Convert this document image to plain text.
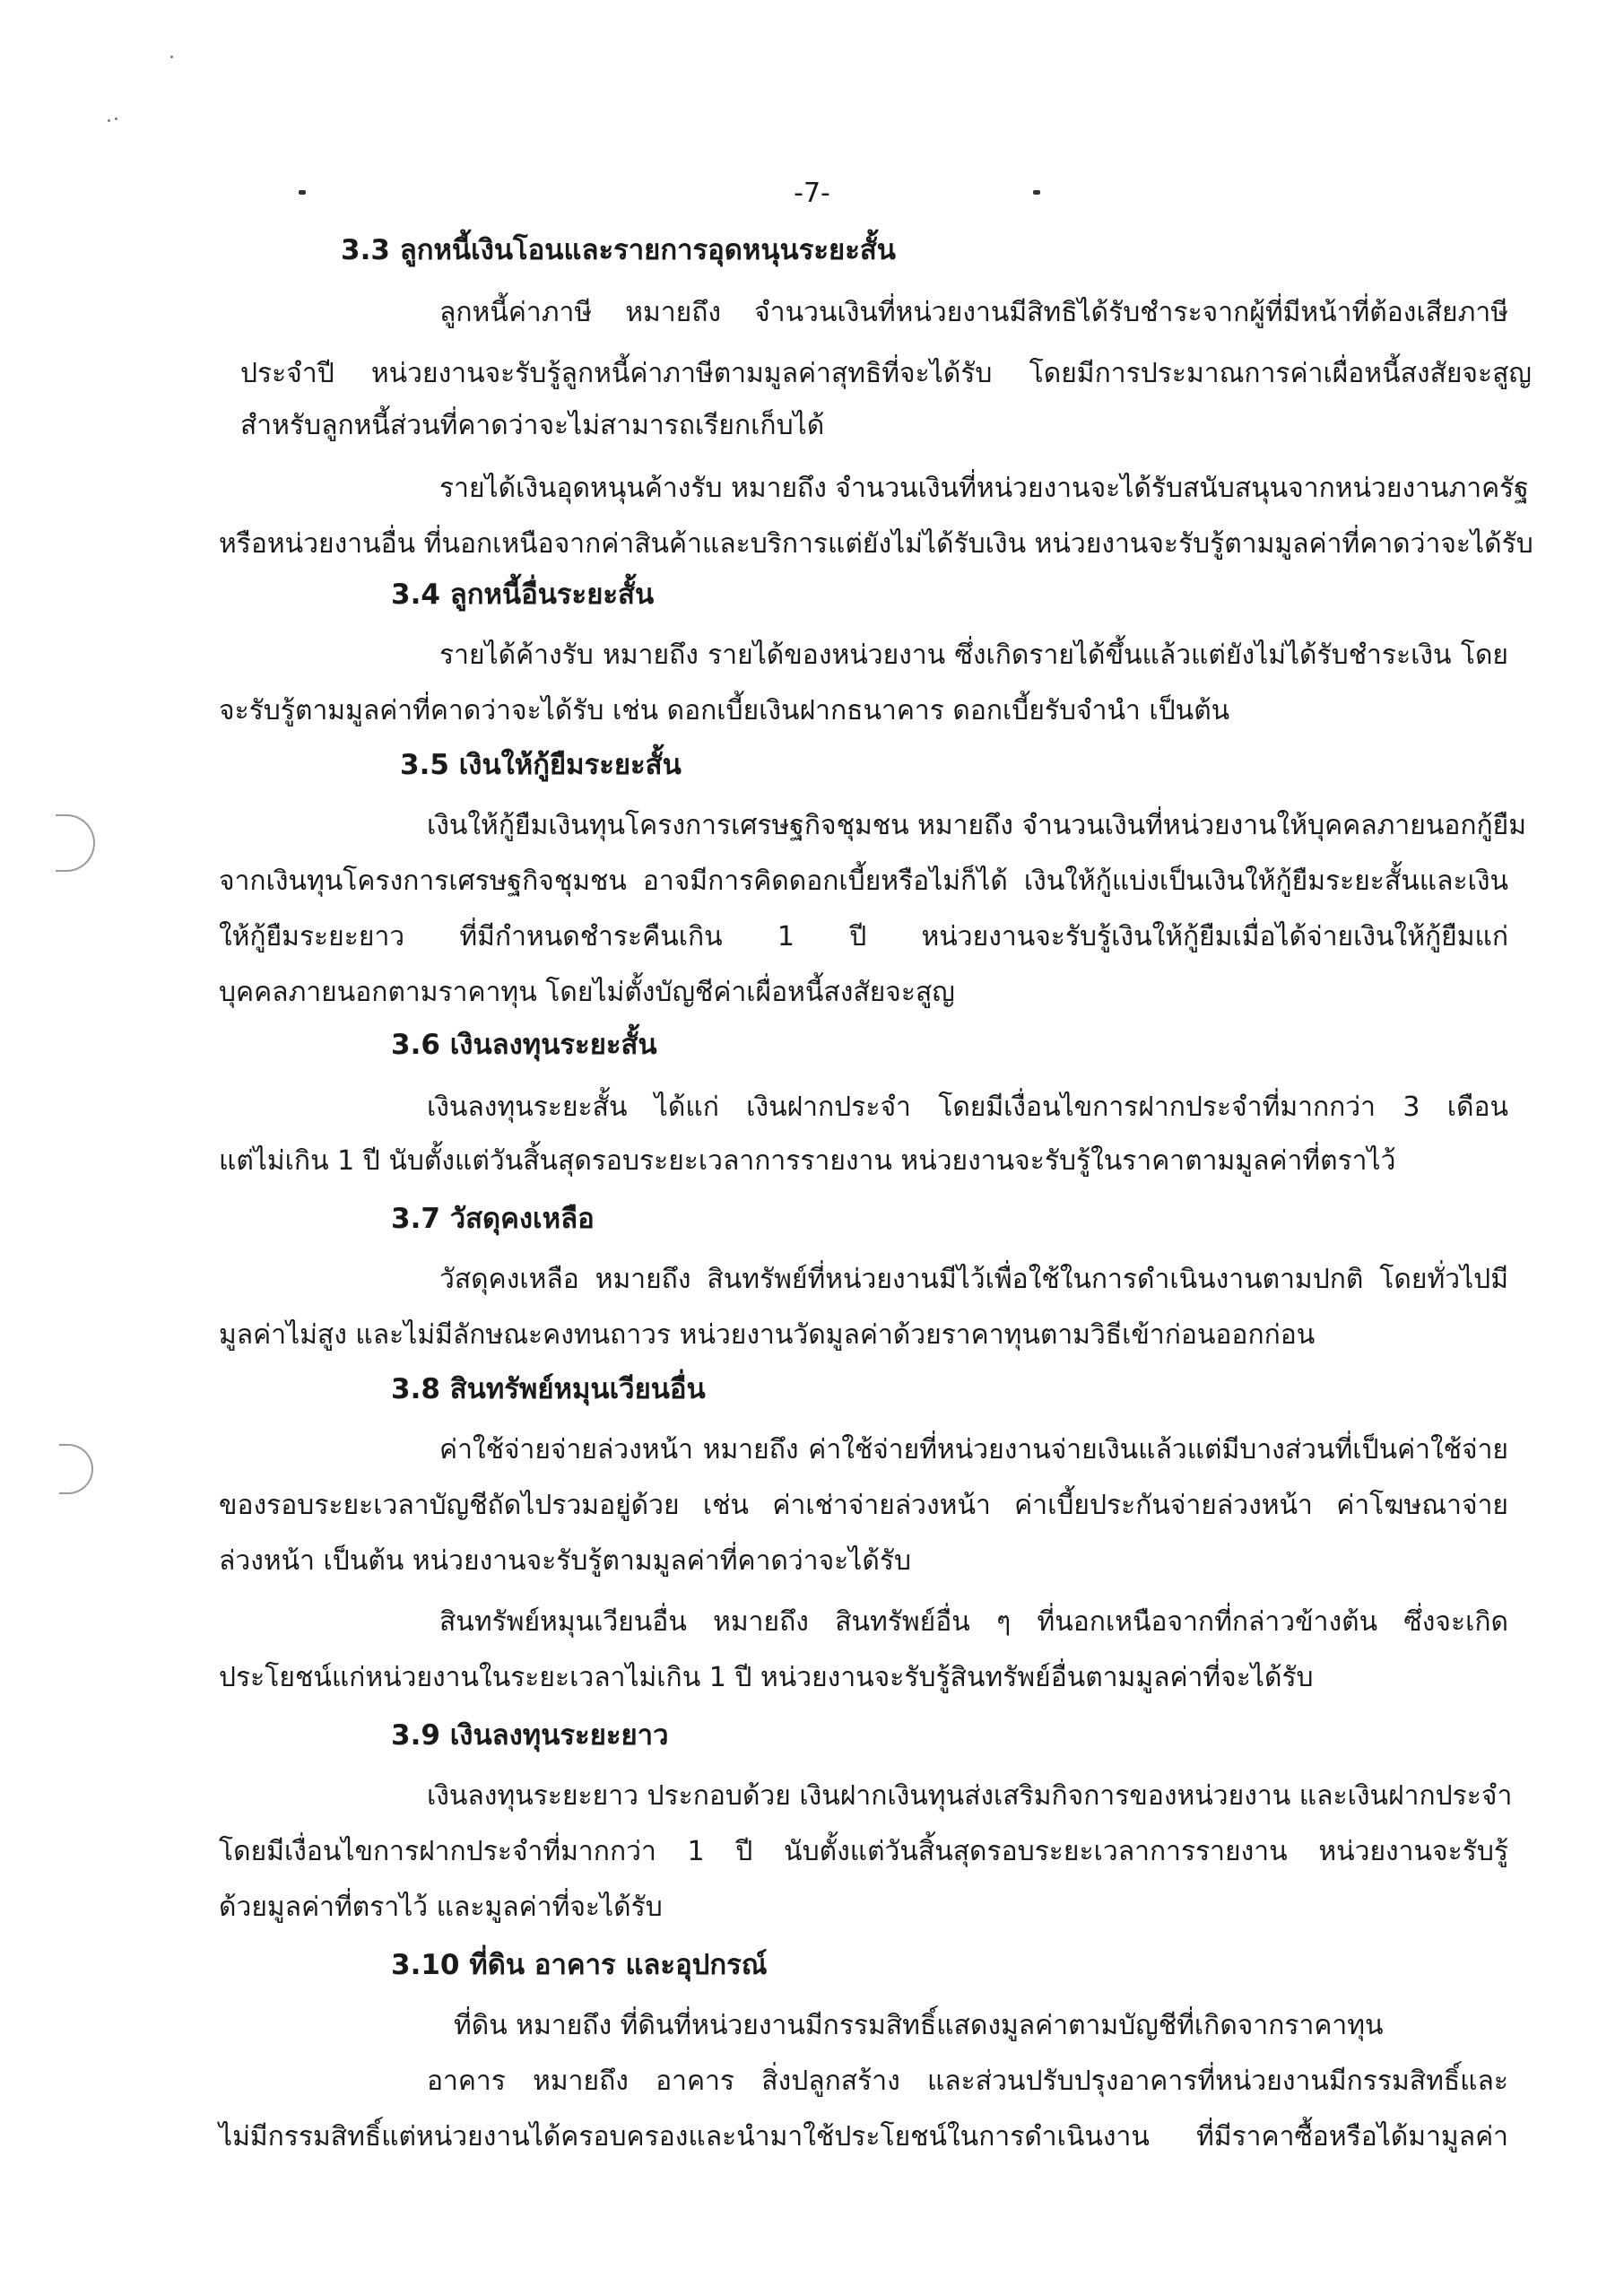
-7-

3.3 ลูกหนี้เงินโอนและรายการอุดหนุนระยะสั้น

ลูกหนี้ค่าภาษี หมายถึง จำนวนเงินที่หน่วยงานมีสิทธิได้รับชำระจากผู้ที่มีหน้าที่ต้องเสียภาษี

ประจำปี หน่วยงานจะรับรู้ลูกหนี้ค่าภาษีตามมูลค่าสุทธิที่จะได้รับ โดยมีการประมาณการค่าเผื่อหนี้สงสัยจะสูญ

สำหรับลูกหนี้ส่วนที่คาดว่าจะไม่สามารถเรียกเก็บได้

รายได้เงินอุดหนุนค้างรับ หมายถึง จำนวนเงินที่หน่วยงานจะได้รับสนับสนุนจากหน่วยงานภาครัฐ

หรือหน่วยงานอื่น ที่นอกเหนือจากค่าสินค้าและบริการแต่ยังไม่ได้รับเงิน หน่วยงานจะรับรู้ตามมูลค่าที่คาดว่าจะได้รับ

3.4 ลูกหนี้อื่นระยะสั้น

รายได้ค้างรับ หมายถึง รายได้ของหน่วยงาน ซึ่งเกิดรายได้ขึ้นแล้วแต่ยังไม่ได้รับชำระเงิน โดย

จะรับรู้ตามมูลค่าที่คาดว่าจะได้รับ เช่น ดอกเบี้ยเงินฝากธนาคาร ดอกเบี้ยรับจำนำ เป็นต้น

3.5 เงินให้กู้ยืมระยะสั้น

เงินให้กู้ยืมเงินทุนโครงการเศรษฐกิจชุมชน หมายถึง จำนวนเงินที่หน่วยงานให้บุคคลภายนอกกู้ยืม

จากเงินทุนโครงการเศรษฐกิจชุมชน อาจมีการคิดดอกเบี้ยหรือไม่ก็ได้ เงินให้กู้แบ่งเป็นเงินให้กู้ยืมระยะสั้นและเงิน

ให้กู้ยืมระยะยาว ที่มีกำหนดชำระคืนเกิน 1 ปี หน่วยงานจะรับรู้เงินให้กู้ยืมเมื่อได้จ่ายเงินให้กู้ยืมแก่

บุคคลภายนอกตามราคาทุน โดยไม่ตั้งบัญชีค่าเผื่อหนี้สงสัยจะสูญ

3.6 เงินลงทุนระยะสั้น

เงินลงทุนระยะสั้น ได้แก่ เงินฝากประจำ โดยมีเงื่อนไขการฝากประจำที่มากกว่า 3 เดือน

แต่ไม่เกิน 1 ปี นับตั้งแต่วันสิ้นสุดรอบระยะเวลาการรายงาน หน่วยงานจะรับรู้ในราคาตามมูลค่าที่ตราไว้

3.7 วัสดุคงเหลือ

วัสดุคงเหลือ หมายถึง สินทรัพย์ที่หน่วยงานมีไว้เพื่อใช้ในการดำเนินงานตามปกติ โดยทั่วไปมี

มูลค่าไม่สูง และไม่มีลักษณะคงทนถาวร หน่วยงานวัดมูลค่าด้วยราคาทุนตามวิธีเข้าก่อนออกก่อน

3.8 สินทรัพย์หมุนเวียนอื่น

ค่าใช้จ่ายจ่ายล่วงหน้า หมายถึง ค่าใช้จ่ายที่หน่วยงานจ่ายเงินแล้วแต่มีบางส่วนที่เป็นค่าใช้จ่าย

ของรอบระยะเวลาบัญชีถัดไปรวมอยู่ด้วย เช่น ค่าเช่าจ่ายล่วงหน้า ค่าเบี้ยประกันจ่ายล่วงหน้า ค่าโฆษณาจ่าย

ล่วงหน้า เป็นต้น หน่วยงานจะรับรู้ตามมูลค่าที่คาดว่าจะได้รับ

สินทรัพย์หมุนเวียนอื่น หมายถึง สินทรัพย์อื่น ๆ ที่นอกเหนือจากที่กล่าวข้างต้น ซึ่งจะเกิด

ประโยชน์แก่หน่วยงานในระยะเวลาไม่เกิน 1 ปี หน่วยงานจะรับรู้สินทรัพย์อื่นตามมูลค่าที่จะได้รับ

3.9 เงินลงทุนระยะยาว

เงินลงทุนระยะยาว ประกอบด้วย เงินฝากเงินทุนส่งเสริมกิจการของหน่วยงาน และเงินฝากประจำ

โดยมีเงื่อนไขการฝากประจำที่มากกว่า 1 ปี นับตั้งแต่วันสิ้นสุดรอบระยะเวลาการรายงาน หน่วยงานจะรับรู้

ด้วยมูลค่าที่ตราไว้ และมูลค่าที่จะได้รับ

3.10 ที่ดิน อาคาร และอุปกรณ์

ที่ดิน หมายถึง ที่ดินที่หน่วยงานมีกรรมสิทธิ์แสดงมูลค่าตามบัญชีที่เกิดจากราคาทุน

อาคาร หมายถึง อาคาร สิ่งปลูกสร้าง และส่วนปรับปรุงอาคารที่หน่วยงานมีกรรมสิทธิ์และ

ไม่มีกรรมสิทธิ์แต่หน่วยงานได้ครอบครองและนำมาใช้ประโยชน์ในการดำเนินงาน ที่มีราคาซื้อหรือได้มามูลค่า
